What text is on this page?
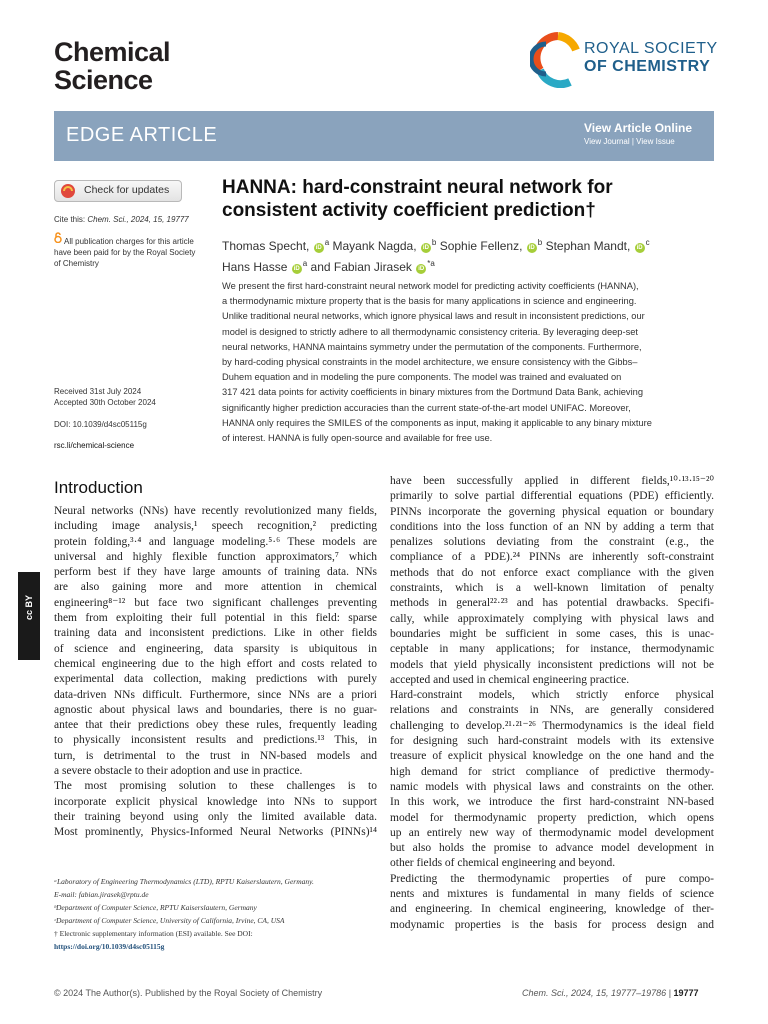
Chemical
Science
ROYAL SOCIETY
OF CHEMISTRY
EDGE ARTICLE	View Article Online
View Journal | View Issue
Check for updates
Cite this: Chem. Sci., 2024, 15, 19777
All publication charges for this article
have been paid for by the Royal Society
of Chemistry
Received 31st July 2024
Accepted 30th October 2024
DOI: 10.1039/d4sc05115g
rsc.li/chemical-science
HANNA: hard-constraint neural network for
consistent activity coefficient prediction†
Thomas Specht, $iD^a$ Mayank Nagda, $iD^b$ Sophie Fellenz, $iD^b$ Stephan Mandt, $iD^c$
Hans Hasse $iD^a$ and Fabian Jirasek $iD^{*a}$
We present the first hard-constraint neural network model for predicting activity coefficients (HANNA),
a thermodynamic mixture property that is the basis for many applications in science and engineering.
Unlike traditional neural networks, which ignore physical laws and result in inconsistent predictions, our
model is designed to strictly adhere to all thermodynamic consistency criteria. By leveraging deep-set
neural networks, HANNA maintains symmetry under the permutation of the components. Furthermore,
by hard-coding physical constraints in the model architecture, we ensure consistency with the Gibbs–
Duhem equation and in modeling the pure components. The model was trained and evaluated on
317 421 data points for activity coefficients in binary mixtures from the Dortmund Data Bank, achieving
significantly higher prediction accuracies than the current state-of-the-art model UNIFAC. Moreover,
HANNA only requires the SMILES of the components as input, making it applicable to any binary mixture
of interest. HANNA is fully open-source and available for free use.
Introduction
Neural networks (NNs) have recently revolutionized many fields,
including image analysis,¹ speech recognition,² predicting
protein folding,³·⁴ and language modeling.⁵·⁶ These models are
universal and highly flexible function approximators,⁷ which
perform best if they have large amounts of training data. NNs
are also gaining more and more attention in chemical
engineering⁸⁻¹² but face two significant challenges preventing
them from exploiting their full potential in this field: sparse
training data and inconsistent predictions. Like in other fields
of science and engineering, data sparsity is ubiquitous in
chemical engineering due to the high effort and costs related to
experimental data collection, making predictions with purely
data-driven NNs difficult. Furthermore, since NNs are a priori
agnostic about physical laws and boundaries, there is no guar-
antee that their predictions obey these rules, frequently leading
to physically inconsistent results and predictions.¹³ This, in
turn, is detrimental to the trust in NN-based models and
a severe obstacle to their adoption and use in practice.
The most promising solution to these challenges is to
incorporate explicit physical knowledge into NNs to support
their training beyond using only the limited available data.
Most prominently, Physics-Informed Neural Networks (PINNs)¹⁴
have been successfully applied in different fields,¹⁰·¹³·¹⁵⁻²⁰
primarily to solve partial differential equations (PDE) efficiently.
PINNs incorporate the governing physical equation or boundary
conditions into the loss function of an NN by adding a term that
penalizes solutions deviating from the constraint (e.g., the
compliance of a PDE).²⁴ PINNs are inherently soft-constraint
methods that do not enforce exact compliance with the given
constraints, which is a well-known limitation of penalty
methods in general²²·²³ and has potential drawbacks. Specifi-
cally, while approximately complying with physical laws and
boundaries might be sufficient in some cases, this is unac-
ceptable in many applications; for instance, thermodynamic
models that yield physically inconsistent predictions will not be
accepted and used in chemical engineering practice.
Hard-constraint models, which strictly enforce physical
relations and constraints in NNs, are generally considered
challenging to develop.²¹·²¹⁻²⁶ Thermodynamics is the ideal field
for designing such hard-constraint models with its extensive
treasure of explicit physical knowledge on the one hand and the
high demand for strict compliance of predictive thermody-
namic models with physical laws and constraints on the other.
In this work, we introduce the first hard-constraint NN-based
model for thermodynamic property prediction, which opens
up an entirely new way of thermodynamic model development
but also holds the promise to advance model development in
other fields of chemical engineering and beyond.
Predicting the thermodynamic properties of pure compo-
nents and mixtures is fundamental in many fields of science
and engineering. In chemical engineering, knowledge of ther-
modynamic properties is the basis for process design and
cc BY
ᵃLaboratory of Engineering Thermodynamics (LTD), RPTU Kaiserslautern, Germany.
E-mail: fabian.jirasek@rptu.de
ᵇDepartment of Computer Science, RPTU Kaiserslautern, Germany
ᶜDepartment of Computer Science, University of California, Irvine, CA, USA
† Electronic supplementary information (ESI) available. See DOI:
https://doi.org/10.1039/d4sc05115g
© 2024 The Author(s). Published by the Royal Society of Chemistry	Chem. Sci., 2024, 15, 19777–19786 | 19777
